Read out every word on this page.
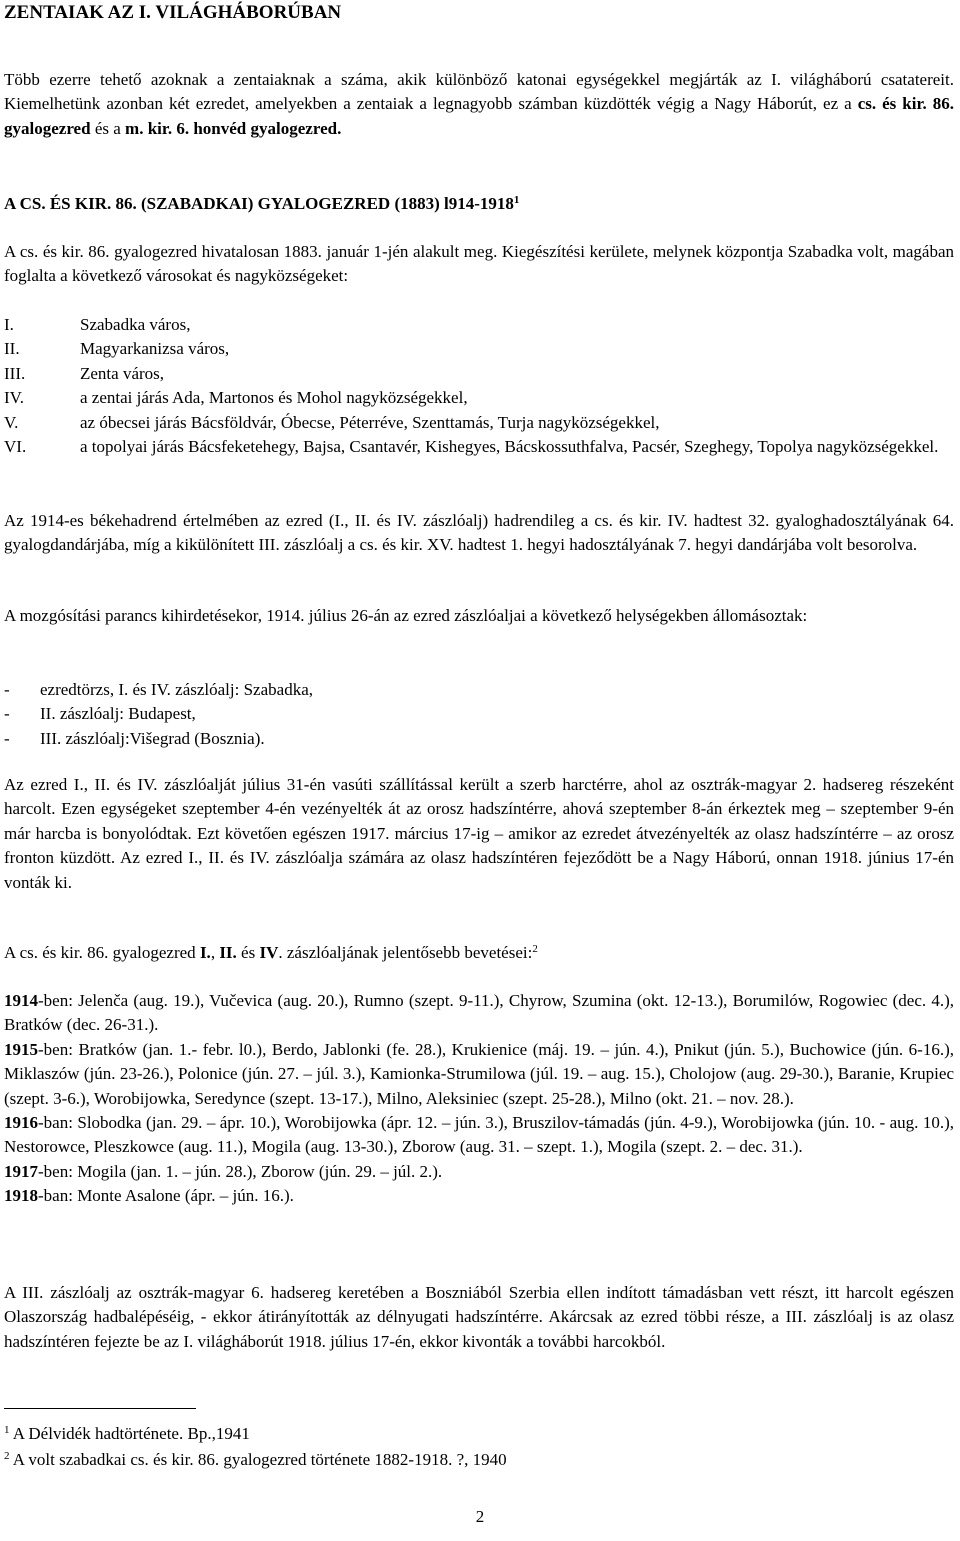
ZENTAIAK AZ I. VILÁGHÁBORÚBAN

Több ezerre tehető azoknak a zentaiaknak a száma, akik különböző katonai egységekkel megjárták az I. világháború csatatereit. Kiemelhetünk azonban két ezredet, amelyekben a zentaiak a legnagyobb számban küzdötték végig a Nagy Háborút, ez a cs. és kir. 86. gyalogezred és a m. kir. 6. honvéd gyalogezred.

A CS. ÉS KIR. 86. (SZABADKAI) GYALOGEZRED (1883) l914-1918$^1$

A cs. és kir. 86. gyalogezred hivatalosan 1883. január 1-jén alakult meg. Kiegészítési kerülete, melynek központja Szabadka volt, magában foglalta a következő városokat és nagyközségeket:

I.	Szabadka város,
II.	Magyarkanizsa város,
III.	Zenta város,
IV.	a zentai járás Ada, Martonos és Mohol nagyközségekkel,
V.	az óbecsei járás Bácsföldvár, Óbecse, Péterréve, Szenttamás, Turja nagyközségekkel,
VI.	a topolyai járás Bácsfeketehegy, Bajsa, Csantavér, Kishegyes, Bácskossuthfalva, Pacsér, Szeghegy, Topolya nagyközségekkel.

Az 1914-es békehadrend értelmében az ezred (I., II. és IV. zászlóalj) hadrendileg a cs. és kir. IV. hadtest 32. gyaloghadosztályának 64. gyalogdandárjába, míg a kikülönített III. zászlóalj a cs. és kir. XV. hadtest 1. hegyi hadosztályának 7. hegyi dandárjába volt besorolva.

A mozgósítási parancs kihirdetésekor, 1914. július 26-án az ezred zászlóaljai a következő helységekben állomásoztak:

- ezredtörzs, I. és IV. zászlóalj: Szabadka,
- II. zászlóalj: Budapest,
- III. zászlóalj:Višegrad (Bosznia).

Az ezred I., II. és IV. zászlóalját július 31-én vasúti szállítással került a szerb harctérre, ahol az osztrák-magyar 2. hadsereg részeként harcolt. Ezen egységeket szeptember 4-én vezényelték át az orosz hadszíntérre, ahová szeptember 8-án érkeztek meg – szeptember 9-én már harcba is bonyolódtak. Ezt követően egészen 1917. március 17-ig – amikor az ezredet átvezényelték az olasz hadszíntérre – az orosz fronton küzdött. Az ezred I., II. és IV. zászlóalja számára az olasz hadszíntéren fejeződött be a Nagy Háború, onnan 1918. június 17-én vonták ki.

A cs. és kir. 86. gyalogezred I., II. és IV. zászlóaljának jelentősebb bevetései:$^2$

1914-ben: Jelenča (aug. 19.), Vučevica (aug. 20.), Rumno (szept. 9-11.), Chyrow, Szumina (okt. 12-13.), Borumilów, Rogowiec (dec. 4.), Bratków (dec. 26-31.).

1915-ben: Bratków (jan. 1.- febr. l0.), Berdo, Jablonki (fe. 28.), Krukienice (máj. 19. – jún. 4.), Pnikut (jún. 5.), Buchowice (jún. 6-16.), Miklaszów (jún. 23-26.), Polonice (jún. 27. – júl. 3.), Kamionka-Strumilowa (júl. 19. – aug. 15.), Cholojow (aug. 29-30.), Baranie, Krupiec (szept. 3-6.), Worobijowka, Seredynce (szept. 13-17.), Milno, Aleksiniec (szept. 25-28.), Milno (okt. 21. – nov. 28.).

1916-ban: Slobodka (jan. 29. – ápr. 10.), Worobijowka (ápr. 12. – jún. 3.), Bruszilov-támadás (jún. 4-9.), Worobijowka (jún. 10. - aug. 10.), Nestorowce, Pleszkowce (aug. 11.), Mogila (aug. 13-30.), Zborow (aug. 31. – szept. 1.), Mogila (szept. 2. – dec. 31.).

1917-ben: Mogila (jan. 1. – jún. 28.), Zborow (jún. 29. – júl. 2.).

1918-ban: Monte Asalone (ápr. – jún. 16.).

A III. zászlóalj az osztrák-magyar 6. hadsereg keretében a Boszniából Szerbia ellen indított támadásban vett részt, itt harcolt egészen Olaszország hadbalépéséig, - ekkor átirányították az délnyugati hadszíntérre. Akárcsak az ezred többi része, a III. zászlóalj is az olasz hadszíntéren fejezte be az I. világháborút 1918. július 17-én, ekkor kivonták a további harcokból.

$^1$ A Délvidék hadtörténete. Bp.,1941

$^2$ A volt szabadkai cs. és kir. 86. gyalogezred története 1882-1918. ?, 1940

2
